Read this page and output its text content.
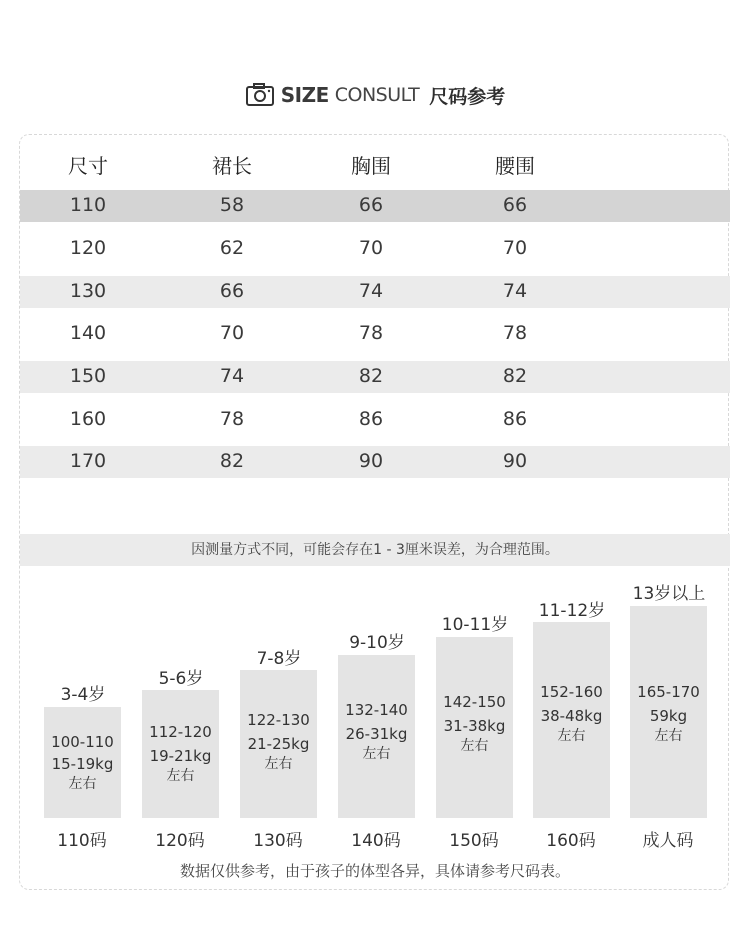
SIZE CONSULT 尺码参考
尺寸	裙长	胸围	腰围
110	58	66	66
120	62	70	70
130	66	74	74
140	70	78	78
150	74	82	82
160	78	86	86
170	82	90	90
因测量方式不同，可能会存在1 - 3厘米误差，为合理范围。
3-4岁
100-110
15-19kg
左右
110码
5-6岁
112-120
19-21kg
左右
120码
7-8岁
122-130
21-25kg
左右
130码
9-10岁
132-140
26-31kg
左右
140码
10-11岁
142-150
31-38kg
左右
150码
11-12岁
152-160
38-48kg
左右
160码
13岁以上
165-170
59kg
左右
成人码
数据仅供参考，由于孩子的体型各异，具体请参考尺码表。
